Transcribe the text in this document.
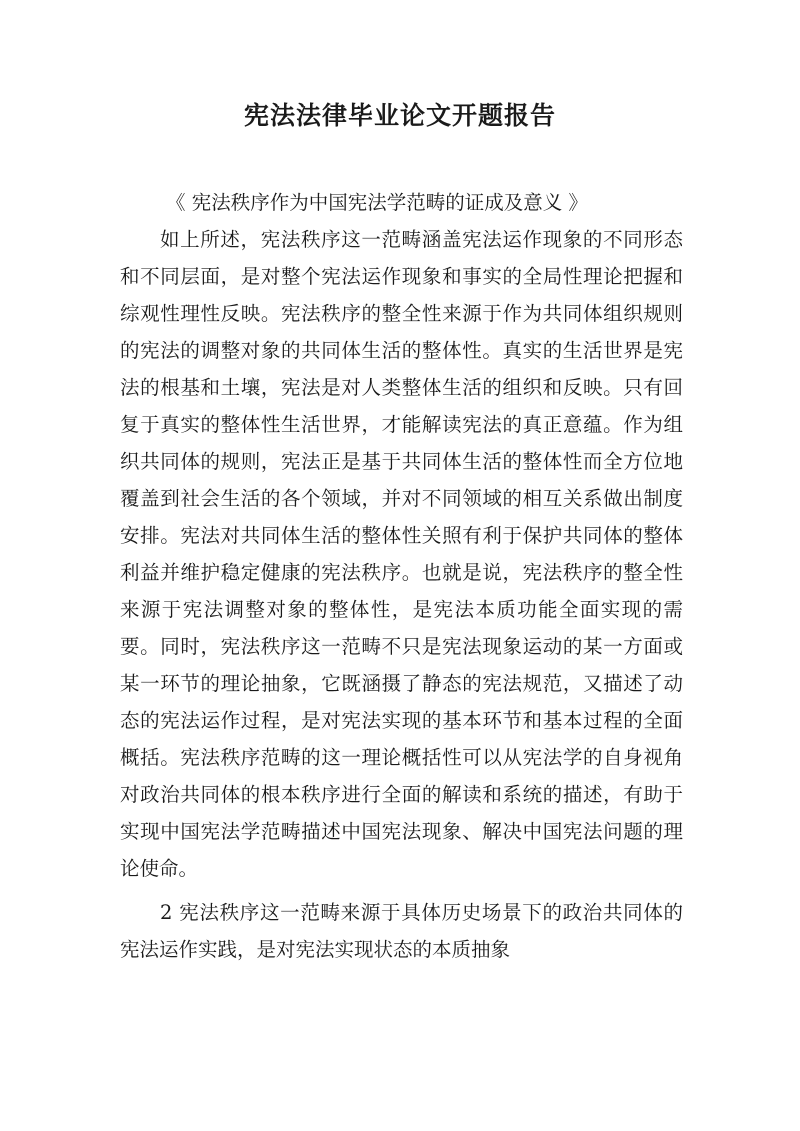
宪法法律毕业论文开题报告

《 宪法秩序作为中国宪法学范畴的证成及意义 》

如上所述，宪法秩序这一范畴涵盖宪法运作现象的不同形态和不同层面，是对整个宪法运作现象和事实的全局性理论把握和综观性理性反映。宪法秩序的整全性来源于作为共同体组织规则的宪法的调整对象的共同体生活的整体性。真实的生活世界是宪法的根基和土壤，宪法是对人类整体生活的组织和反映。只有回复于真实的整体性生活世界，才能解读宪法的真正意蕴。作为组织共同体的规则，宪法正是基于共同体生活的整体性而全方位地覆盖到社会生活的各个领域，并对不同领域的相互关系做出制度安排。宪法对共同体生活的整体性关照有利于保护共同体的整体利益并维护稳定健康的宪法秩序。也就是说，宪法秩序的整全性来源于宪法调整对象的整体性，是宪法本质功能全面实现的需要。同时，宪法秩序这一范畴不只是宪法现象运动的某一方面或某一环节的理论抽象，它既涵摄了静态的宪法规范，又描述了动态的宪法运作过程，是对宪法实现的基本环节和基本过程的全面概括。宪法秩序范畴的这一理论概括性可以从宪法学的自身视角对政治共同体的根本秩序进行全面的解读和系统的描述，有助于实现中国宪法学范畴描述中国宪法现象、解决中国宪法问题的理论使命。

2 宪法秩序这一范畴来源于具体历史场景下的政治共同体的宪法运作实践，是对宪法实现状态的本质抽象
